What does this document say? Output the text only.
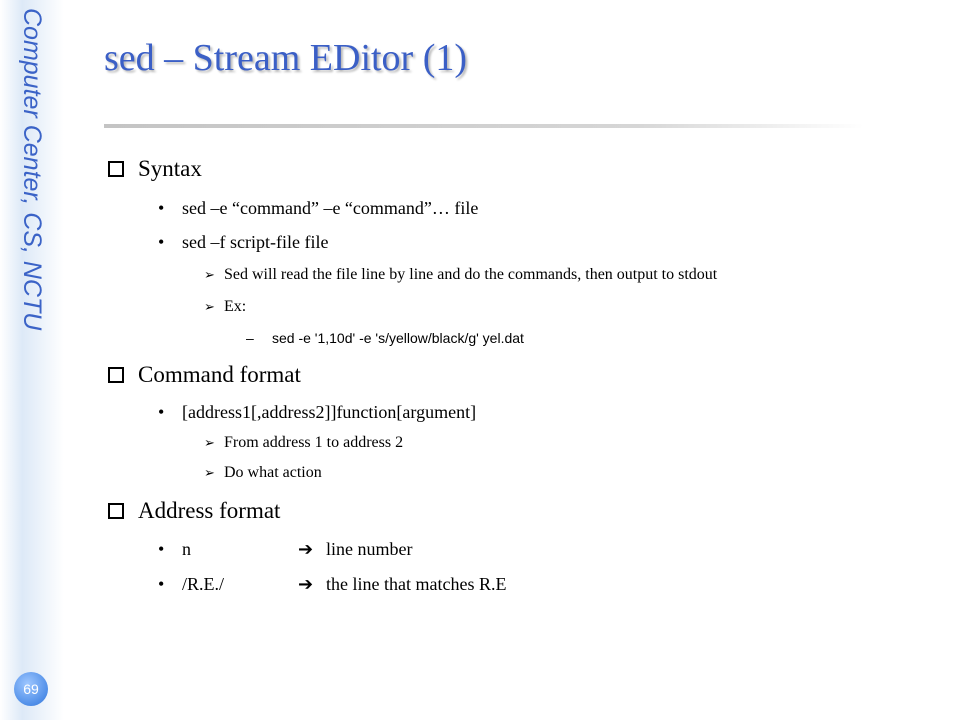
Computer Center, CS, NCTU
69
sed – Stream EDitor (1)
Syntax
• sed –e “command” –e “command”… file
• sed –f script-file file
➢ Sed will read the file line by line and do the commands, then output to stdout
➢ Ex:
– sed -e '1,10d' -e 's/yellow/black/g' yel.dat
Command format
• [address1[,address2]]function[argument]
➢ From address 1 to address 2
➢ Do what action
Address format
• n	➔ line number
• /R.E./	➔ the line that matches R.E
